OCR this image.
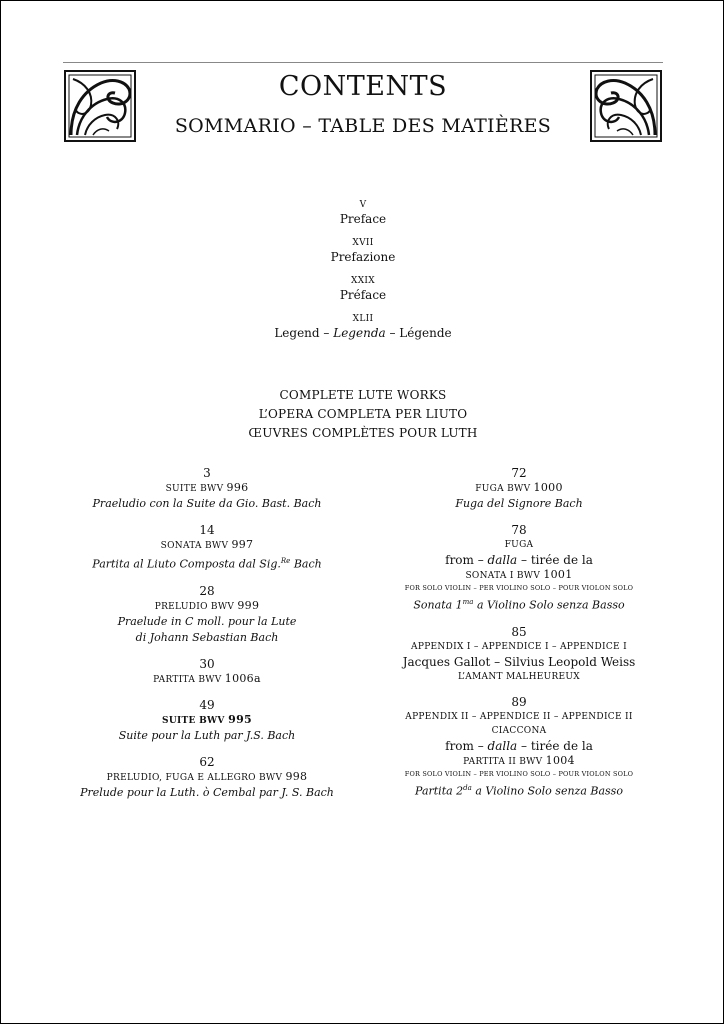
CONTENTS
SOMMARIO – TABLE DES MATIÈRES
V
Preface
XVII
Prefazione
XXIX
Préface
XLII
Legend – Legenda – Légende
COMPLETE LUTE WORKS
L’OPERA COMPLETA PER LIUTO
ŒUVRES COMPLÈTES POUR LUTH
3
SUITE BWV 996
Praeludio con la Suite da Gio. Bast. Bach
14
SONATA BWV 997
Partita al Liuto Composta dal Sig.$^{Re}$ Bach
28
PRELUDIO BWV 999
Praelude in C moll. pour la Lute
di Johann Sebastian Bach
30
PARTITA BWV 1006a
49
SUITE BWV 995
Suite pour la Luth par J.S. Bach
62
PRELUDIO, FUGA E ALLEGRO BWV 998
Prelude pour la Luth. ò Cembal par J. S. Bach
72
FUGA BWV 1000
Fuga del Signore Bach
78
FUGA
from – dalla – tirée de la
SONATA I BWV 1001
FOR SOLO VIOLIN – PER VIOLINO SOLO – POUR VIOLON SOLO
Sonata $1^{ma}$ a Violino Solo senza Basso
85
APPENDIX I – APPENDICE I – APPENDICE I
Jacques Gallot – Silvius Leopold Weiss
L’AMANT MALHEUREUX
89
APPENDIX II – APPENDICE II – APPENDICE II
CIACCONA
from – dalla – tirée de la
PARTITA II BWV 1004
FOR SOLO VIOLIN – PER VIOLINO SOLO – POUR VIOLON SOLO
Partita $2^{da}$ a Violino Solo senza Basso
